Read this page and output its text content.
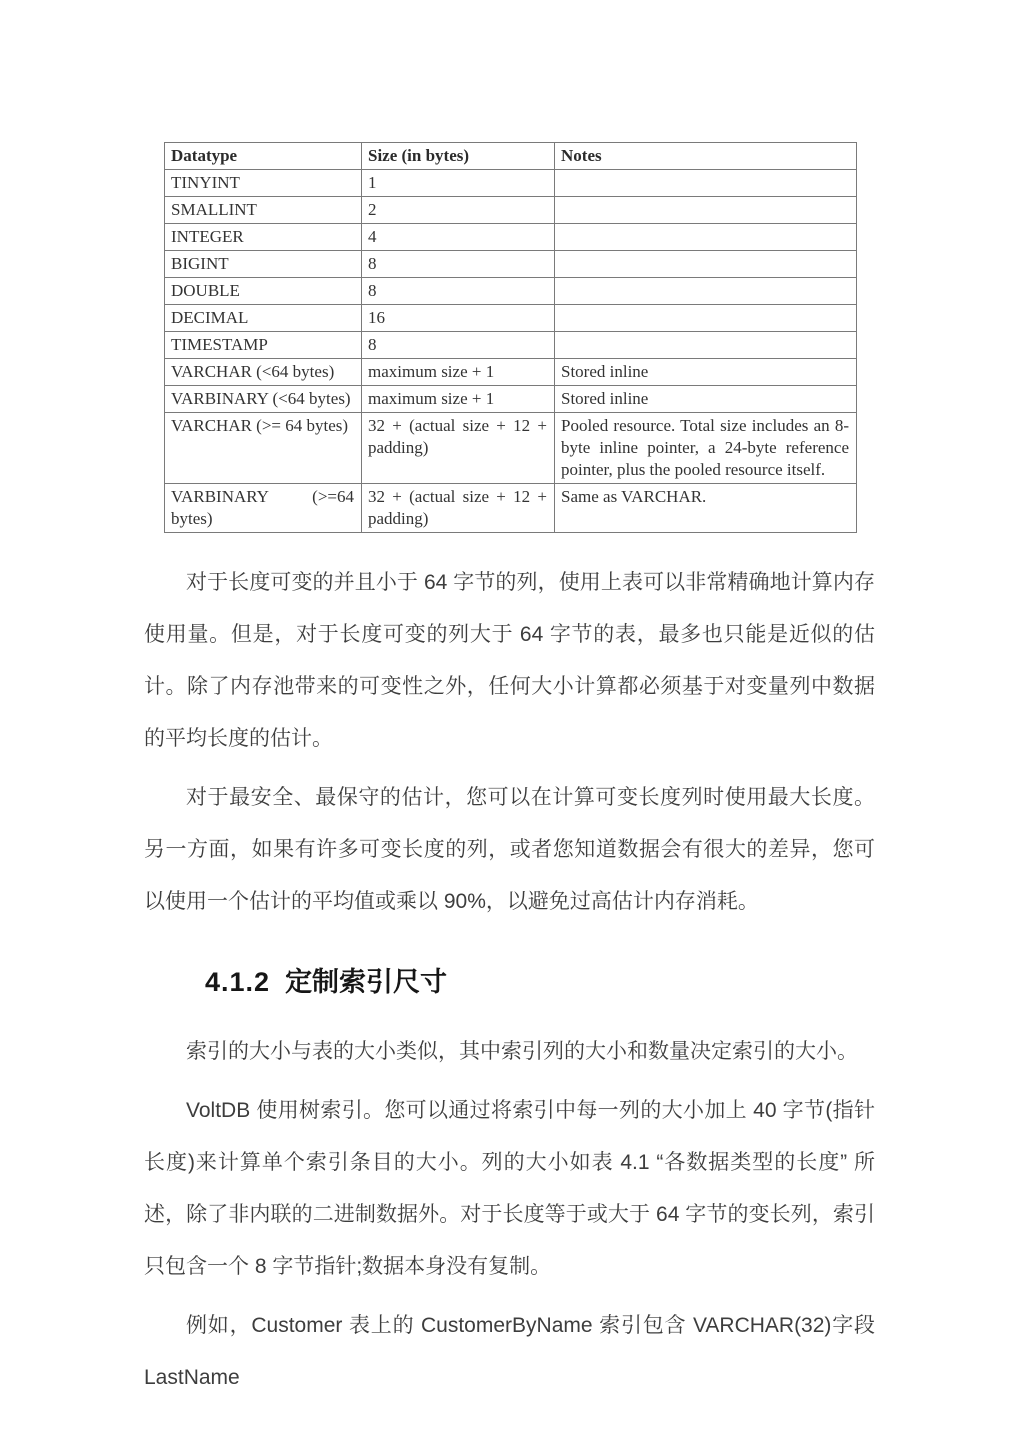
Datatype	Size (in bytes)	Notes
TINYINT	1	
SMALLINT	2	
INTEGER	4	
BIGINT	8	
DOUBLE	8	
DECIMAL	16	
TIMESTAMP	8	
VARCHAR (<64 bytes)	maximum size + 1	Stored inline
VARBINARY (<64 bytes)	maximum size + 1	Stored inline
VARCHAR (>= 64 bytes)	32 + (actual size + 12 + padding)	Pooled resource. Total size includes an 8-byte inline pointer, a 24-byte reference pointer, plus the pooled resource itself.
VARBINARY (>=64 bytes)	32 + (actual size + 12 + padding)	Same as VARCHAR.

对于长度可变的并且小于 64 字节的列，使用上表可以非常精确地计算内存使用量。但是，对于长度可变的列大于 64 字节的表，最多也只能是近似的估计。除了内存池带来的可变性之外，任何大小计算都必须基于对变量列中数据的平均长度的估计。

对于最安全、最保守的估计，您可以在计算可变长度列时使用最大长度。另一方面，如果有许多可变长度的列，或者您知道数据会有很大的差异，您可以使用一个估计的平均值或乘以 90%，以避免过高估计内存消耗。

4.1.2 定制索引尺寸

索引的大小与表的大小类似，其中索引列的大小和数量决定索引的大小。

VoltDB 使用树索引。您可以通过将索引中每一列的大小加上 40 字节(指针长度)来计算单个索引条目的大小。列的大小如表 4.1 “各数据类型的长度” 所述，除了非内联的二进制数据外。对于长度等于或大于 64 字节的变长列，索引只包含一个 8 字节指针;数据本身没有复制。

例如，Customer 表上的 CustomerByName 索引包含 VARCHAR(32)字段 LastName
